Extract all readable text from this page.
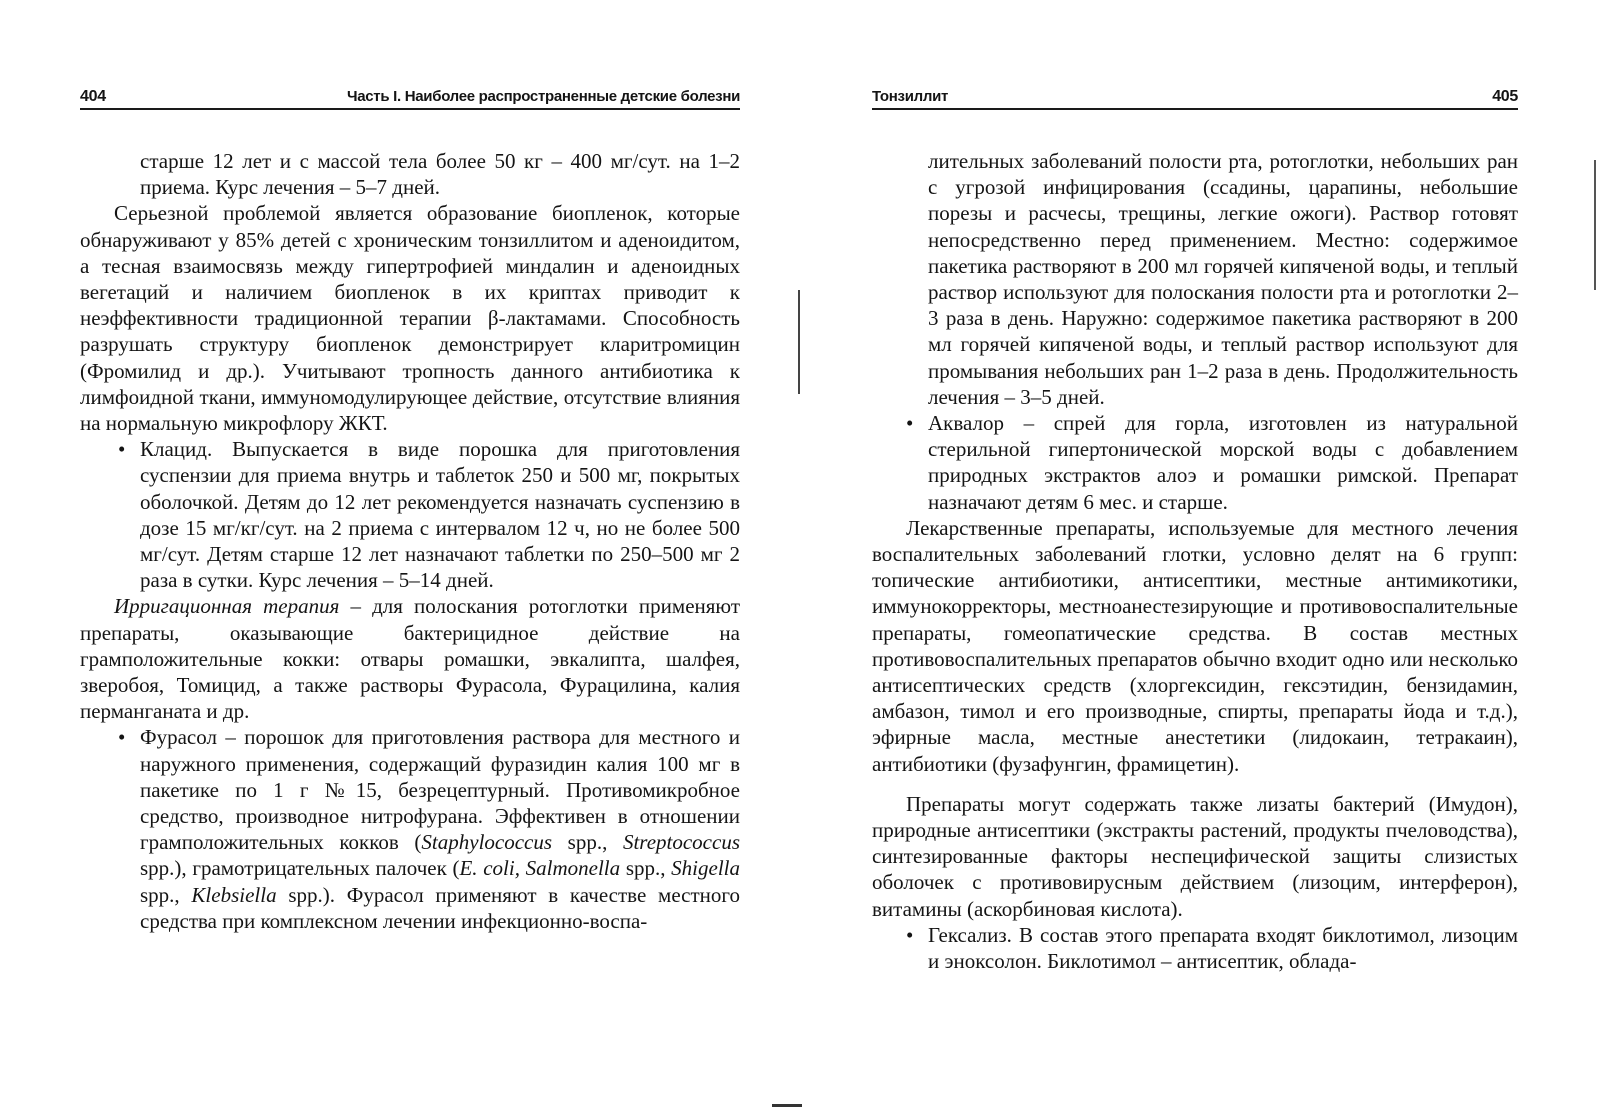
404	Часть I. Наиболее распространенные детские болезни

старше 12 лет и с массой тела более 50 кг – 400 мг/сут. на 1–2 приема. Курс лечения – 5–7 дней.

Серьезной проблемой является образование биопленок, которые обнаруживают у 85% детей с хроническим тонзиллитом и аденоидитом, а тесная взаимосвязь между гипертрофией миндалин и аденоидных вегетаций и наличием биопленок в их криптах приводит к неэффективности традиционной терапии β-лактамами. Способность разрушать структуру биопленок демонстрирует кларитромицин (Фромилид и др.). Учитывают тропность данного антибиотика к лимфоидной ткани, иммуномодулирующее действие, отсутствие влияния на нормальную микрофлору ЖКТ.

• Клацид. Выпускается в виде порошка для приготовления суспензии для приема внутрь и таблеток 250 и 500 мг, покрытых оболочкой. Детям до 12 лет рекомендуется назначать суспензию в дозе 15 мг/кг/сут. на 2 приема с интервалом 12 ч, но не более 500 мг/сут. Детям старше 12 лет назначают таблетки по 250–500 мг 2 раза в сутки. Курс лечения – 5–14 дней.

Ирригационная терапия – для полоскания ротоглотки применяют препараты, оказывающие бактерицидное действие на грамположительные кокки: отвары ромашки, эвкалипта, шалфея, зверобоя, Томицид, а также растворы Фурасола, Фурацилина, калия перманганата и др.

• Фурасол – порошок для приготовления раствора для местного и наружного применения, содержащий фуразидин калия 100 мг в пакетике по 1 г №15, безрецептурный. Противомикробное средство, производное нитрофурана. Эффективен в отношении грамположительных кокков (Staphylococcus spp., Streptococcus spp.), грамотрицательных палочек (E. coli, Salmonella spp., Shigella spp., Klebsiella spp.). Фурасол применяют в качестве местного средства при комплексном лечении инфекционно-воспа-
Тонзиллит	405

лительных заболеваний полости рта, ротоглотки, небольших ран с угрозой инфицирования (ссадины, царапины, небольшие порезы и расчесы, трещины, легкие ожоги). Раствор готовят непосредственно перед применением. Местно: содержимое пакетика растворяют в 200 мл горячей кипяченой воды, и теплый раствор используют для полоскания полости рта и ротоглотки 2–3 раза в день. Наружно: содержимое пакетика растворяют в 200 мл горячей кипяченой воды, и теплый раствор используют для промывания небольших ран 1–2 раза в день. Продолжительность лечения – 3–5 дней.

• Аквалор – спрей для горла, изготовлен из натуральной стерильной гипертонической морской воды с добавлением природных экстрактов алоэ и ромашки римской. Препарат назначают детям 6 мес. и старше.

Лекарственные препараты, используемые для местного лечения воспалительных заболеваний глотки, условно делят на 6 групп: топические антибиотики, антисептики, местные антимикотики, иммунокорректоры, местноанестезирующие и противовоспалительные препараты, гомеопатические средства. В состав местных противовоспалительных препаратов обычно входит одно или несколько антисептических средств (хлоргексидин, гексэтидин, бензидамин, амбазон, тимол и его производные, спирты, препараты йода и т.д.), эфирные масла, местные анестетики (лидокаин, тетракаин), антибиотики (фузафунгин, фрамицетин).

Препараты могут содержать также лизаты бактерий (Имудон), природные антисептики (экстракты растений, продукты пчеловодства), синтезированные факторы неспецифической защиты слизистых оболочек с противовирусным действием (лизоцим, интерферон), витамины (аскорбиновая кислота).

• Гексализ. В состав этого препарата входят биклотимол, лизоцим и эноксолон. Биклотимол – антисептик, облада-
